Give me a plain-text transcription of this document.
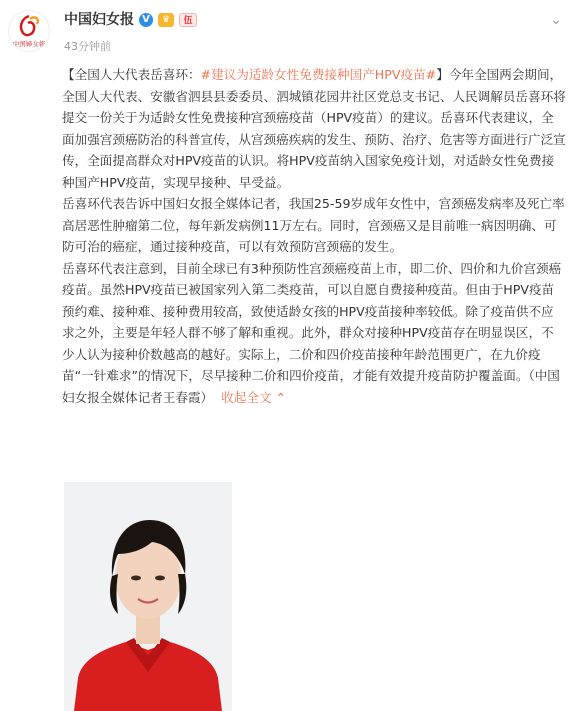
中国婦女報
中国妇女报 V	♛	伍
43分钟前
⌄

【全国人大代表岳喜环：#建议为适龄女性免费接种国产HPV疫苗#】今年全国两会期间，全国人大代表、安徽省泗县县委委员、泗城镇花园井社区党总支书记、人民调解员岳喜环将提交一份关于为适龄女性免费接种宫颈癌疫苗（HPV疫苗）的建议。岳喜环代表建议，全面加强宫颈癌防治的科普宣传，从宫颈癌疾病的发生、预防、治疗、危害等方面进行广泛宣传，全面提高群众对HPV疫苗的认识。将HPV疫苗纳入国家免疫计划，对适龄女性免费接种国产HPV疫苗，实现早接种、早受益。

岳喜环代表告诉中国妇女报全媒体记者，我国25-59岁成年女性中，宫颈癌发病率及死亡率高居恶性肿瘤第二位，每年新发病例11万左右。同时，宫颈癌又是目前唯一病因明确、可防可治的癌症，通过接种疫苗，可以有效预防宫颈癌的发生。

岳喜环代表注意到，目前全球已有3种预防性宫颈癌疫苗上市，即二价、四价和九价宫颈癌疫苗。虽然HPV疫苗已被国家列入第二类疫苗，可以自愿自费接种疫苗。但由于HPV疫苗预约难、接种难、接种费用较高，致使适龄女孩的HPV疫苗接种率较低。除了疫苗供不应求之外，主要是年轻人群不够了解和重视。此外，群众对接种HPV疫苗存在明显误区，不少人认为接种价数越高的越好。实际上，二价和四价疫苗接种年龄范围更广，在九价疫苗“一针难求”的情况下，尽早接种二价和四价疫苗，才能有效提升疫苗防护覆盖面。（中国妇女报全媒体记者王春霞） 收起全文 ⌃
